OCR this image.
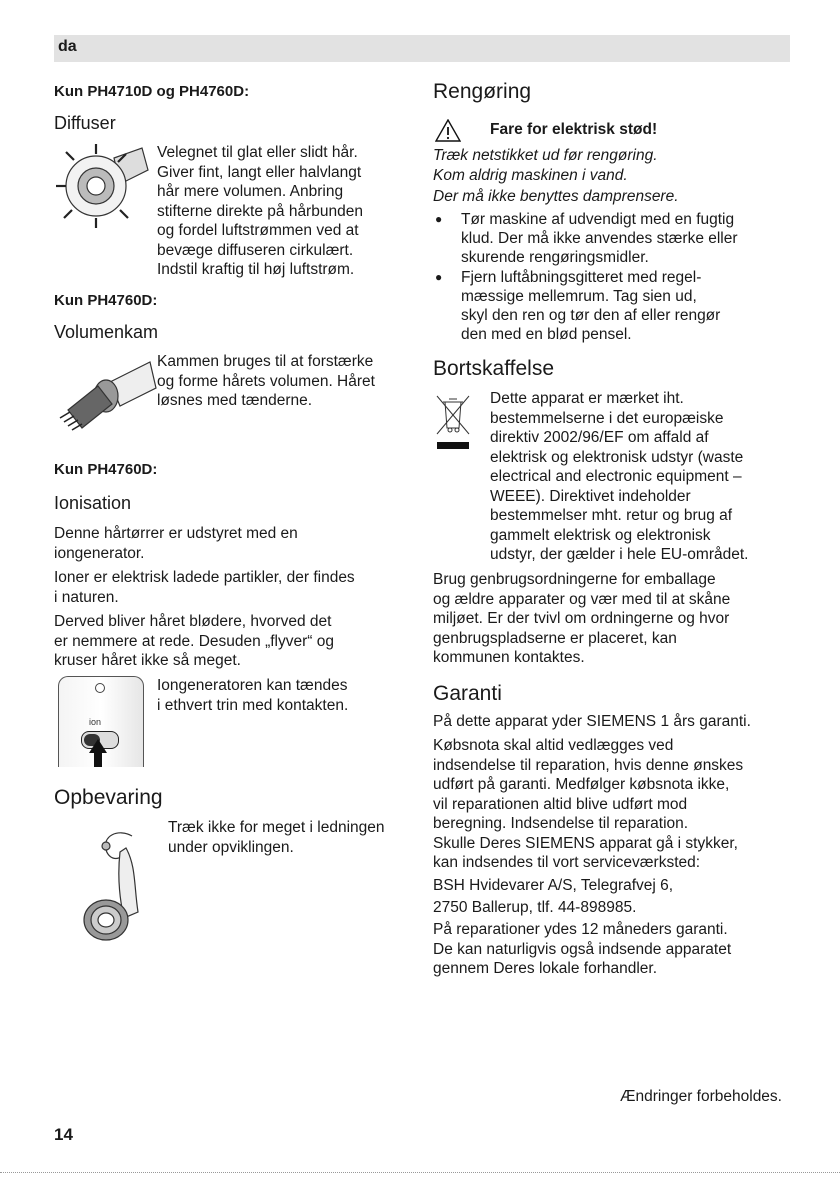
da
Kun PH4710D og PH4760D:
Diffuser
Velegnet til glat eller slidt hår.
Giver fint, langt eller halvlangt
hår mere volumen. Anbring
stifterne direkte på hårbunden
og fordel luftstrømmen ved at
bevæge diffuseren cirkulært.
Indstil kraftig til høj luftstrøm.
Kun PH4760D:
Volumenkam
Kammen bruges til at forstærke
og forme hårets volumen. Håret
løsnes med tænderne.
Kun PH4760D:
Ionisation
Denne hårtørrer er udstyret med en
iongenerator.
Ioner er elektrisk ladede partikler, der findes
i naturen.
Derved bliver håret blødere, hvorved det
er nemmere at rede. Desuden „flyver“ og
kruser håret ikke så meget.
ion
Iongeneratoren kan tændes
i ethvert trin med kontakten.
Opbevaring
Træk ikke for meget i ledningen
under opviklingen.
Rengøring
Fare for elektrisk stød!
Træk netstikket ud før rengøring.
Kom aldrig maskinen i vand.
Der må ikke benyttes damprensere.
● Tør maskine af udvendigt med en fugtig
klud. Der må ikke anvendes stærke eller
skurende rengøringsmidler.
● Fjern luftåbningsgitteret med regel-
mæssige mellemrum. Tag sien ud,
skyl den ren og tør den af eller rengør
den med en blød pensel.
Bortskaffelse
Dette apparat er mærket iht.
bestemmelserne i det europæiske
direktiv 2002/96/EF om affald af
elektrisk og elektronisk udstyr (waste
electrical and electronic equipment –
WEEE). Direktivet indeholder
bestemmelser mht. retur og brug af
gammelt elektrisk og elektronisk
udstyr, der gælder i hele EU-området.
Brug genbrugsordningerne for emballage
og ældre apparater og vær med til at skåne
miljøet. Er der tvivl om ordningerne og hvor
genbrugspladserne er placeret, kan
kommunen kontaktes.
Garanti
På dette apparat yder SIEMENS 1 års garanti.
Købsnota skal altid vedlægges ved
indsendelse til reparation, hvis denne ønskes
udført på garanti. Medfølger købsnota ikke,
vil reparationen altid blive udført mod
beregning. Indsendelse til reparation.
Skulle Deres SIEMENS apparat gå i stykker,
kan indsendes til vort serviceværksted:
BSH Hvidevarer A/S, Telegrafvej 6,
2750 Ballerup, tlf. 44-898985.
På reparationer ydes 12 måneders garanti.
De kan naturligvis også indsende apparatet
gennem Deres lokale forhandler.
Ændringer forbeholdes.
14
